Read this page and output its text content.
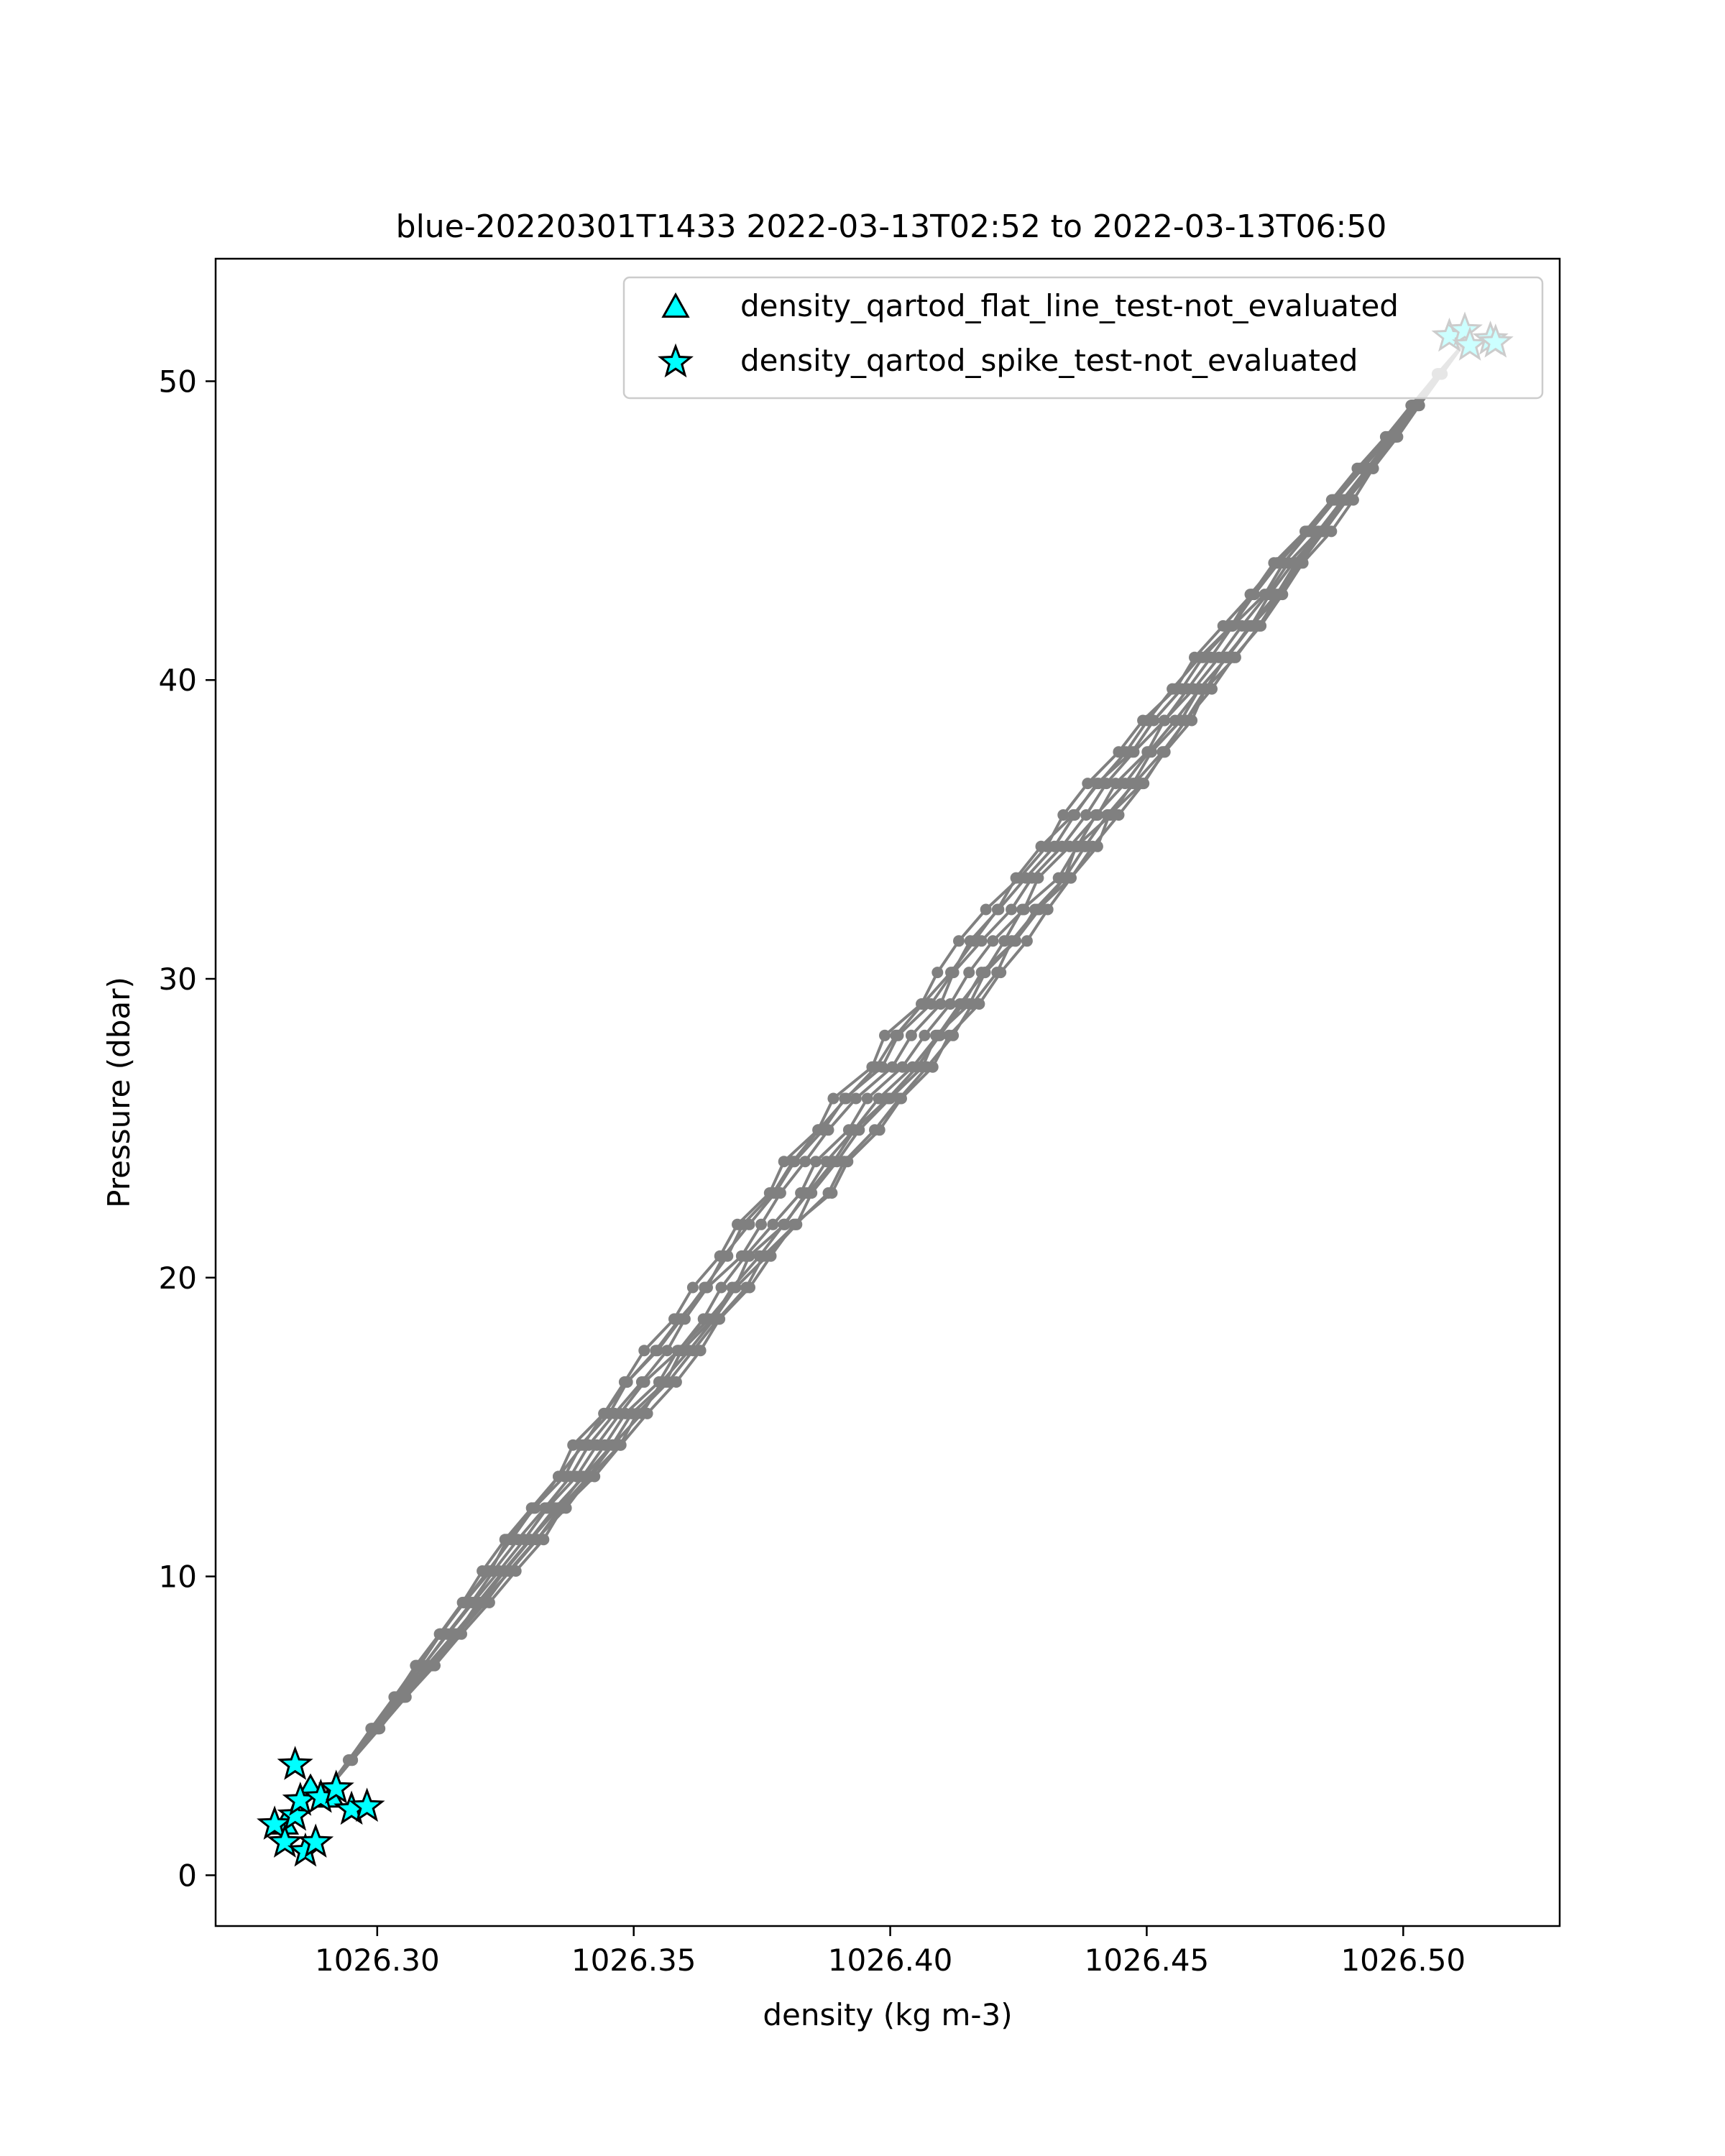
blue-20220301T1433 2022-03-13T02:52 to 2022-03-13T06:50
1026.30	1026.35	1026.40	1026.45	1026.50
0
10
20
30
40
50
density (kg m-3)
Pressure (dbar)
density_qartod_flat_line_test-not_evaluated
density_qartod_spike_test-not_evaluated
